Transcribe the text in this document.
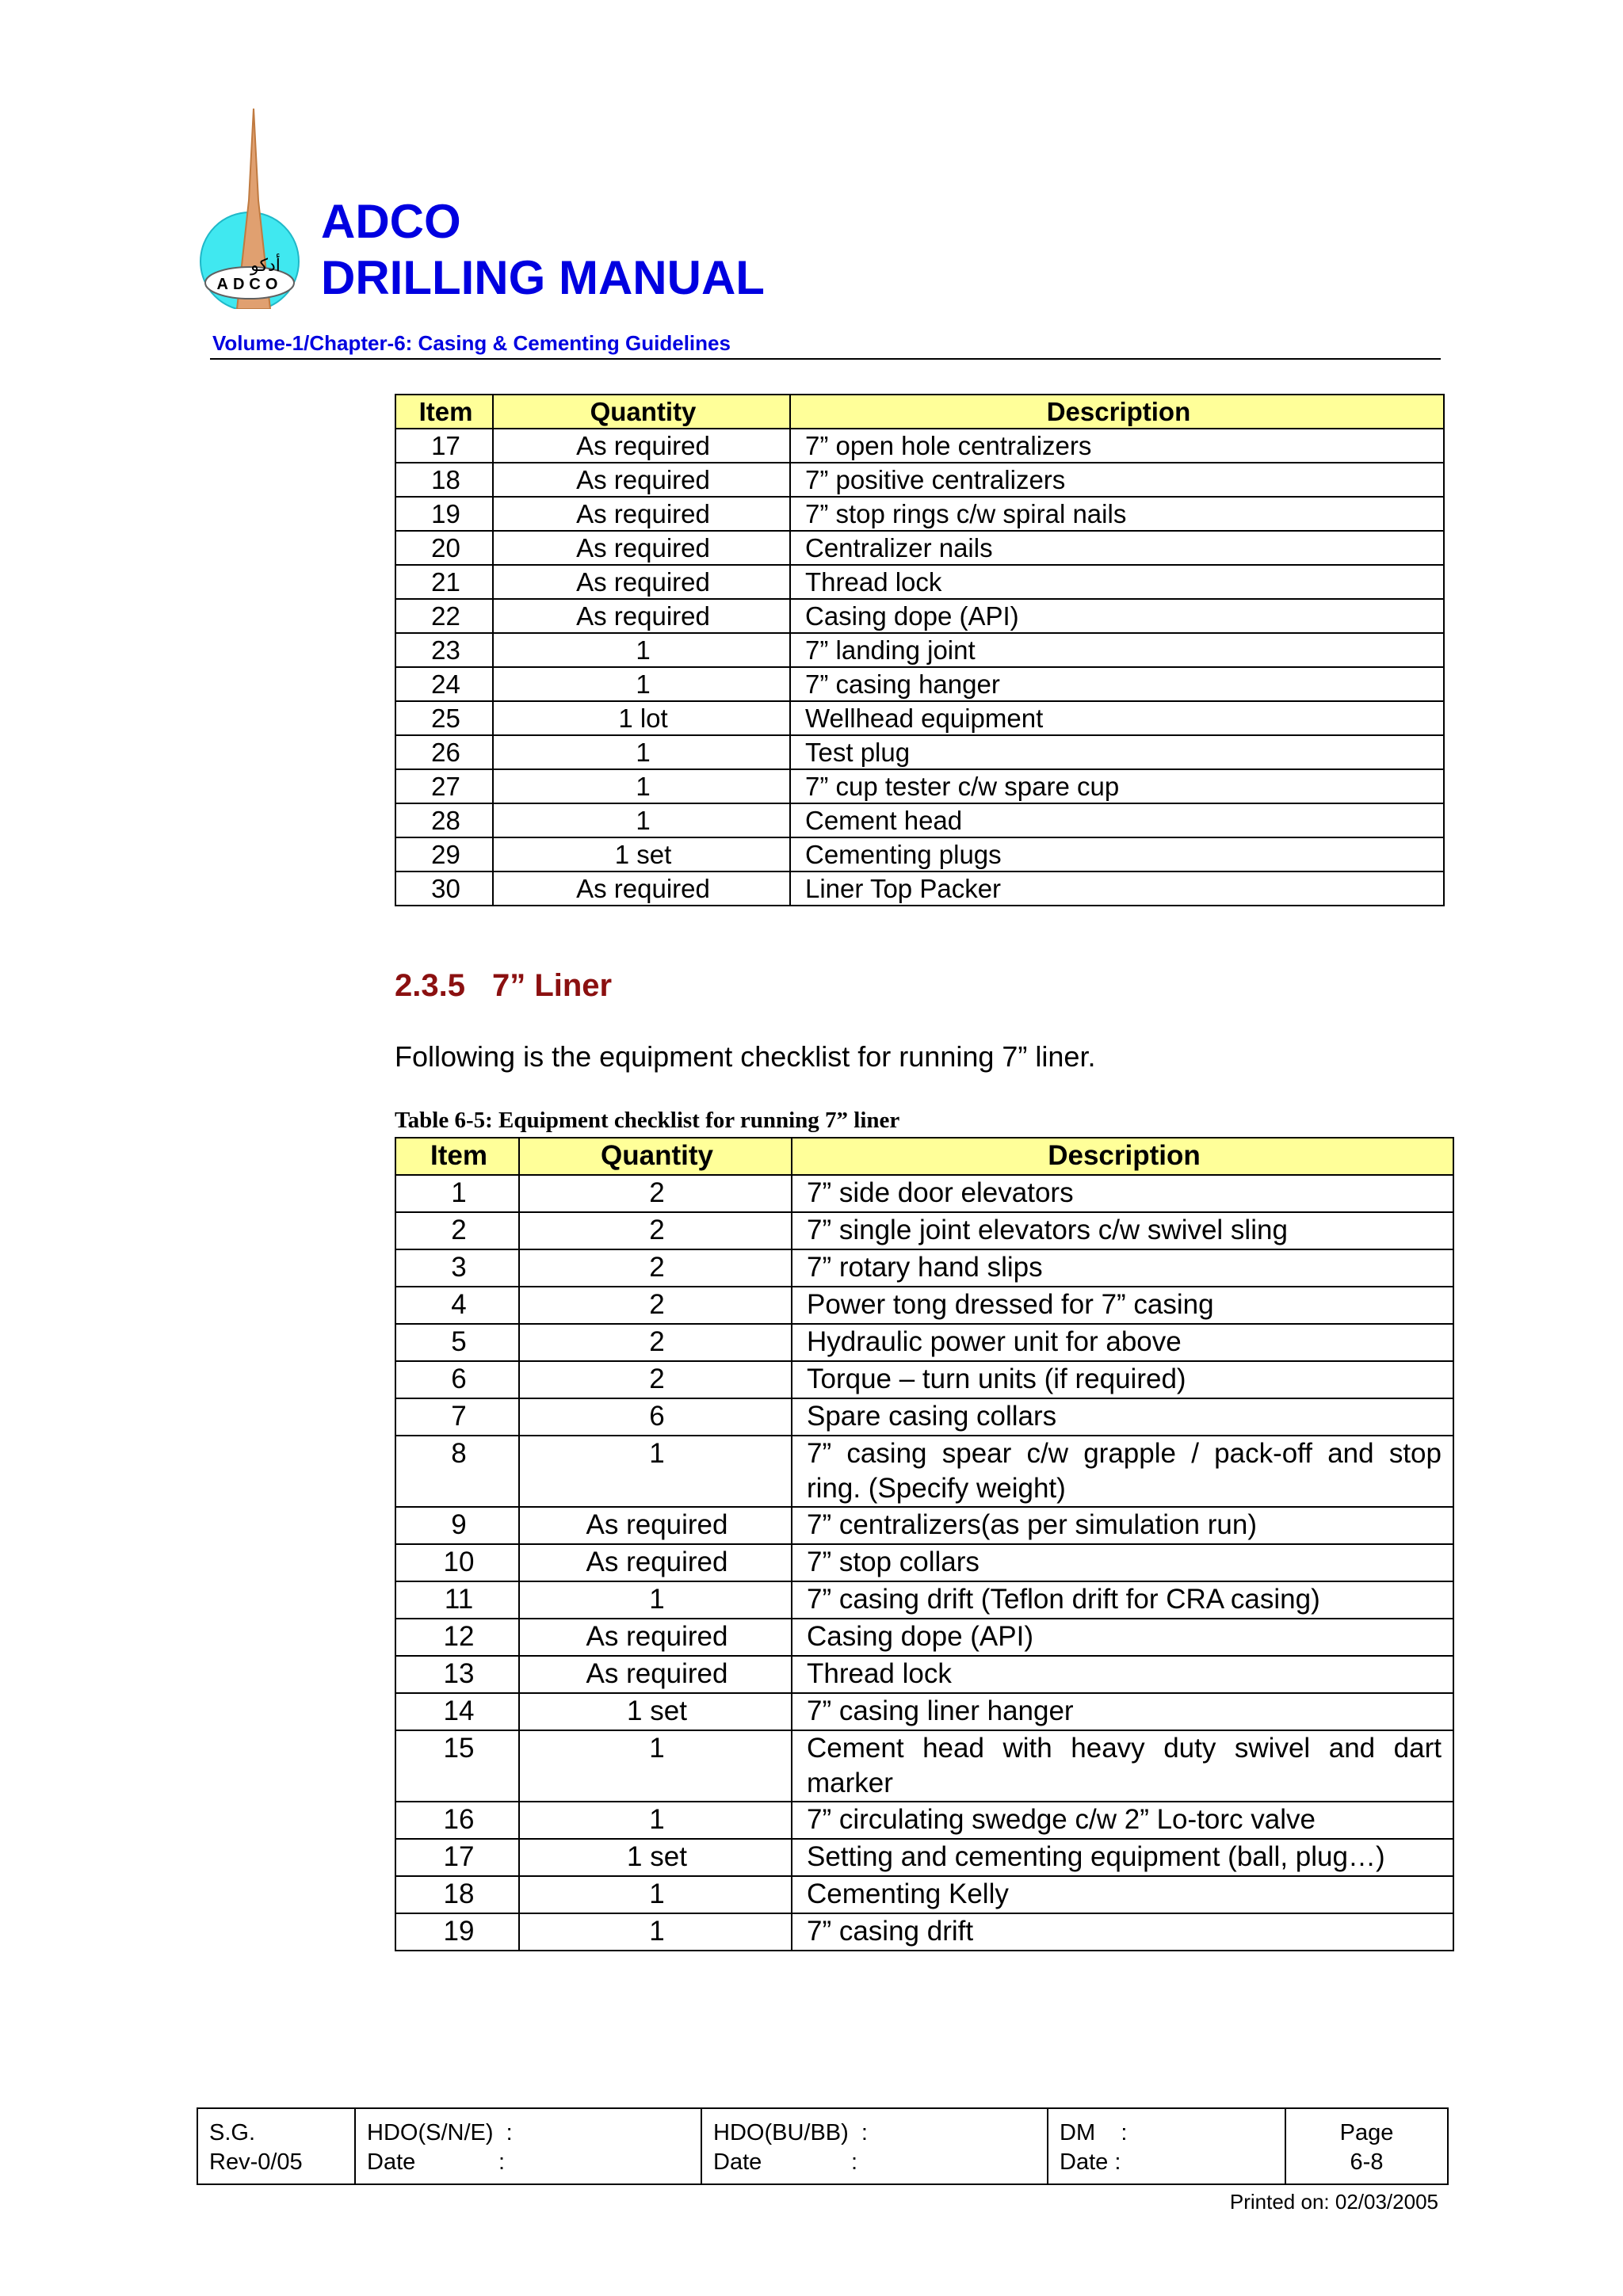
أدكو
ADCO
ADCO
DRILLING MANUAL
Volume-1/Chapter-6: Casing & Cementing Guidelines
Item	Quantity	Description
17	As required	7” open hole centralizers
18	As required	7” positive centralizers
19	As required	7” stop rings c/w spiral nails
20	As required	Centralizer nails
21	As required	Thread lock
22	As required	Casing dope (API)
23	1	7” landing joint
24	1	7” casing hanger
25	1 lot	Wellhead equipment
26	1	Test plug
27	1	7” cup tester c/w spare cup
28	1	Cement head
29	1 set	Cementing plugs
30	As required	Liner Top Packer
2.3.5 7” Liner
Following is the equipment checklist for running 7” liner.
Table 6-5: Equipment checklist for running 7” liner
Item	Quantity	Description
1	2	7” side door elevators
2	2	7” single joint elevators c/w swivel sling
3	2	7” rotary hand slips
4	2	Power tong dressed for 7” casing
5	2	Hydraulic power unit for above
6	2	Torque – turn units (if required)
7	6	Spare casing collars
8	1	7” casing spear c/w grapple / pack-off and stop ring. (Specify weight)
9	As required	7” centralizers(as per simulation run)
10	As required	7” stop collars
11	1	7” casing drift (Teflon drift for CRA casing)
12	As required	Casing dope (API)
13	As required	Thread lock
14	1 set	7” casing liner hanger
15	1	Cement head with heavy duty swivel and dart marker
16	1	7” circulating swedge c/w 2” Lo-torc valve
17	1 set	Setting and cementing equipment (ball, plug…)
18	1	Cementing Kelly
19	1	7” casing drift
S.G.
Rev-0/05

HDO(S/N/E)  :
Date             :

HDO(BU/BB)  :
Date              :

DM    :
Date :

Page
6-8
Printed on: 02/03/2005
